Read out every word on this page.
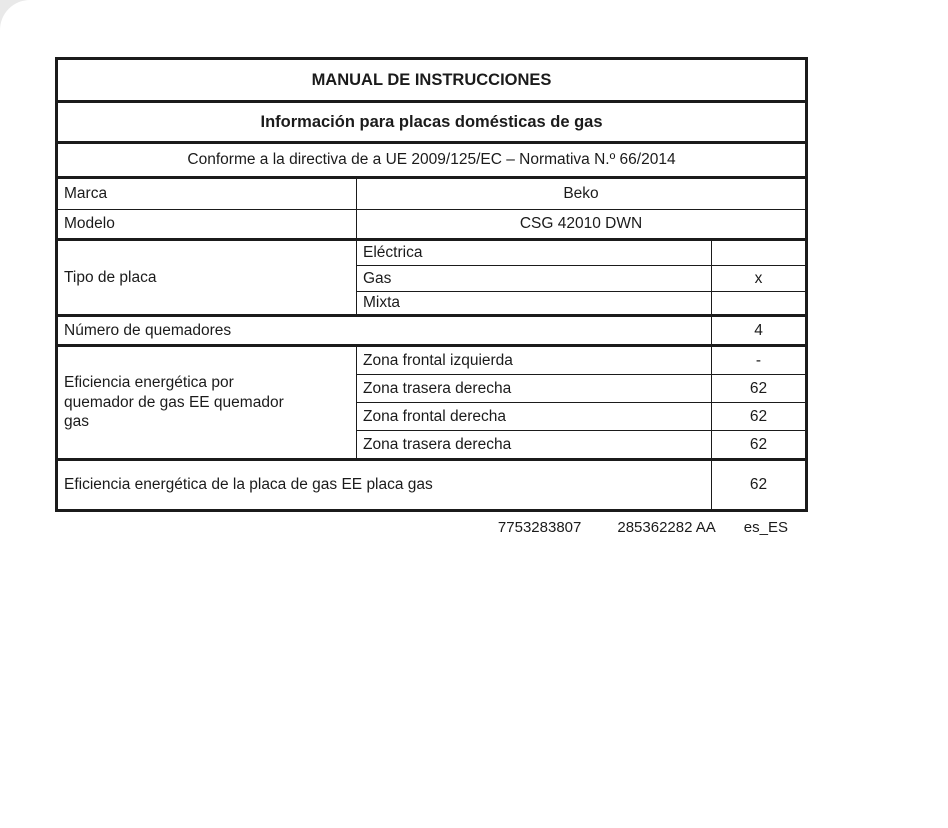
MANUAL DE INSTRUCCIONES		
Información para placas domésticas de gas		
Conforme a la directiva de a UE 2009/125/EC – Normativa N.º 66/2014		
Marca	Beko	
Modelo	CSG 42010 DWN	
Tipo de placa	Eléctrica	
	Gas	x
	Mixta	
Número de quemadores		4
Eficiencia energética por quemador de gas EE quemador gas	Zona frontal izquierda	-
	Zona trasera derecha	62
	Zona frontal derecha	62
	Zona trasera derecha	62
Eficiencia energética de la placa de gas EE placa gas		62
7753283807 285362282 AA es_ES
